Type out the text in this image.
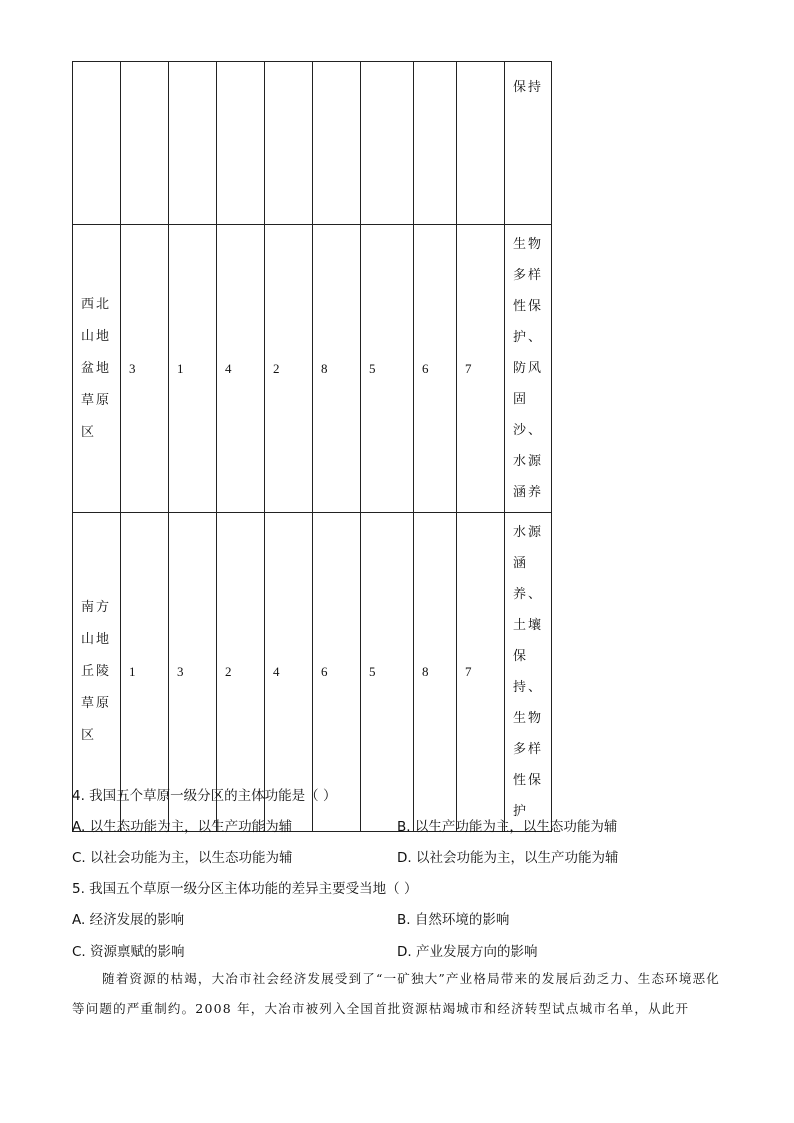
									保持
西北山地盆地草原区	3	1	4	2	8	5	6	7	生物多样性保护、防风固沙、水源涵养
南方山地丘陵草原区	1	3	2	4	6	5	8	7	水源涵养、土壤保持、生物多样性保护
4. 我国五个草原一级分区的主体功能是（ ）
A. 以生态功能为主，以生产功能为辅	B. 以生产功能为主，以生态功能为辅
C. 以社会功能为主，以生态功能为辅	D. 以社会功能为主，以生产功能为辅
5. 我国五个草原一级分区主体功能的差异主要受当地（ ）
A. 经济发展的影响	B. 自然环境的影响
C. 资源禀赋的影响	D. 产业发展方向的影响
随着资源的枯竭，大冶市社会经济发展受到了“一矿独大”产业格局带来的发展后劲乏力、生态环境恶化等问题的严重制约。2008 年，大冶市被列入全国首批资源枯竭城市和经济转型试点城市名单，从此开
